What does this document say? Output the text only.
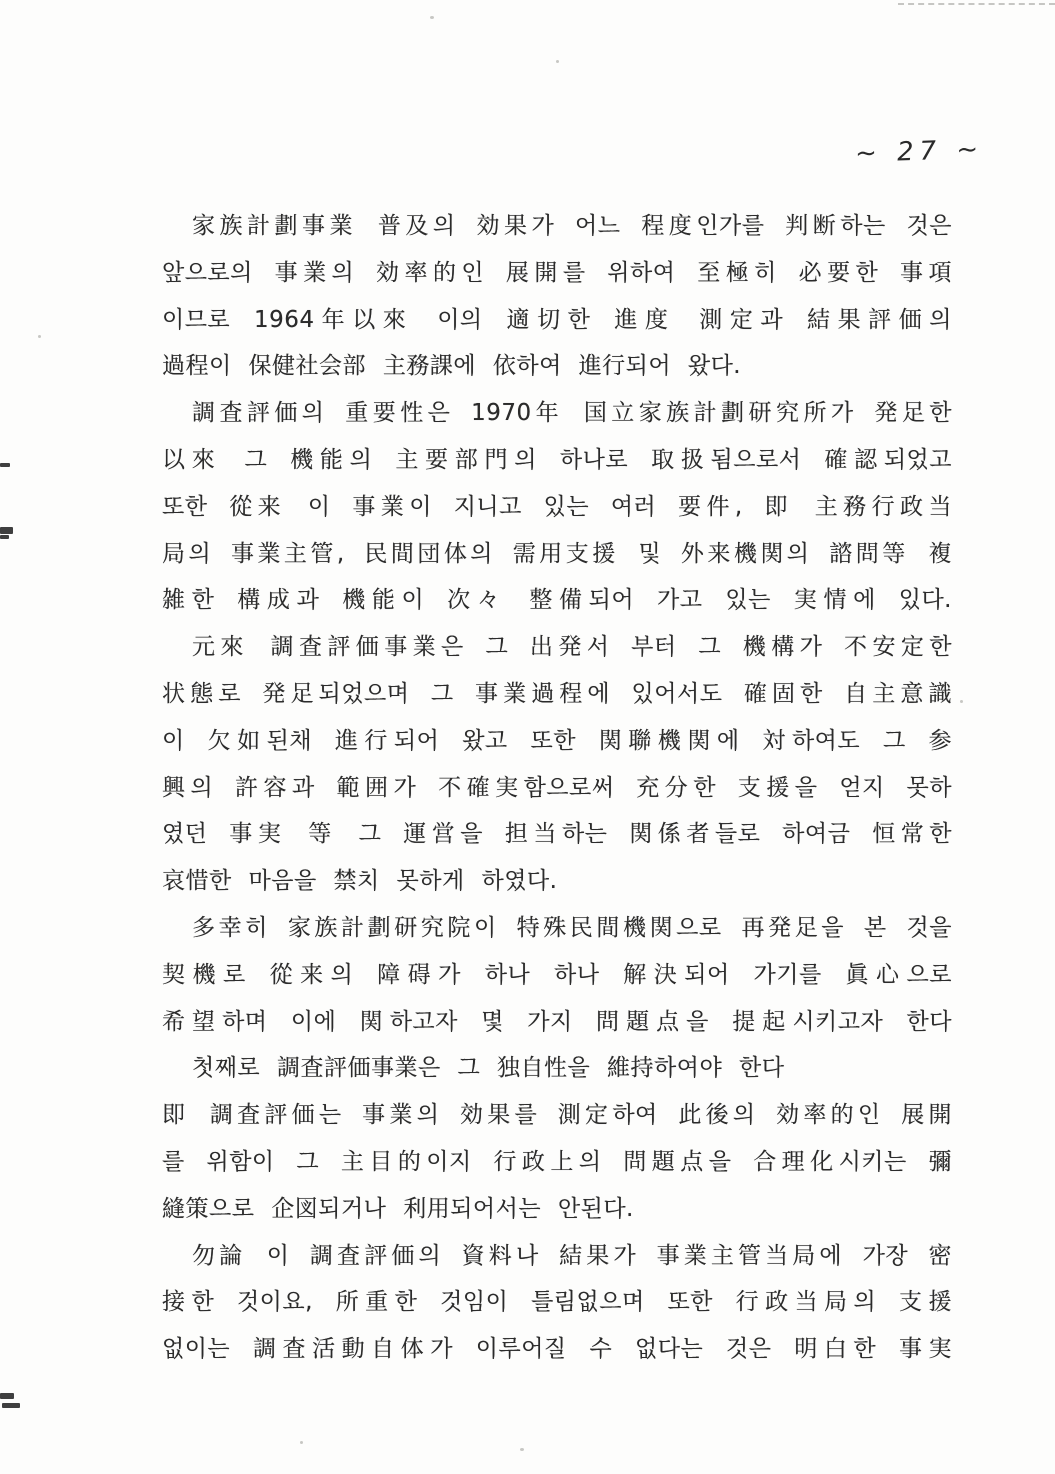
~ 27 ~
家族計劃事業 普及의 効果가 어느 程度인가를 判断하는 것은
앞으로의 事業의 効率的인 展開를 위하여 至極히 必要한 事項
이므로 1964年以來 이의 適切한 進度 測定과 結果評価의
過程이 保健社会部 主務課에 依하여 進行되어 왔다.
調査評価의 重要性은 1970年 国立家族計劃研究所가 発足한
以來 그 機能의 主要部門의 하나로 取扱됨으로서 確認되었고
또한 從来 이 事業이 지니고 있는 여러 要件, 即 主務行政当
局의 事業主管, 民間団体의 需用支援 및 外来機関의 諮問等 複
雑한 構成과 機能이 次々 整備되어 가고 있는 実情에 있다.
元來 調査評価事業은 그 出発서 부터 그 機構가 不安定한
状態로 発足되었으며 그 事業過程에 있어서도 確固한 自主意識
이 欠如된채 進行되어 왔고 또한 関聯機関에 対하여도 그 参
興의 許容과 範囲가 不確実함으로써 充分한 支援을 얻지 못하
였던 事実 等 그 運営을 担当하는 関係者들로 하여금 恒常한
哀惜한 마음을 禁치 못하게 하였다.
多幸히 家族計劃研究院이 特殊民間機関으로 再発足을 본 것을
契機로 從来의 障碍가 하나 하나 解決되어 가기를 眞心으로
希望하며 이에 関하고자 몇 가지 問題点을 提起시키고자 한다
첫째로 調査評価事業은 그 独自性을 維持하여야 한다
即 調査評価는 事業의 効果를 測定하여 此後의 効率的인 展開
를 위함이 그 主目的이지 行政上의 問題点을 合理化시키는 彌
縫策으로 企図되거나 利用되어서는 안된다.
勿論 이 調査評価의 資料나 結果가 事業主管当局에 가장 密
接한 것이요, 所重한 것임이 틀림없으며 또한 行政当局의 支援
없이는 調査活動自体가 이루어질 수 없다는 것은 明白한 事実
